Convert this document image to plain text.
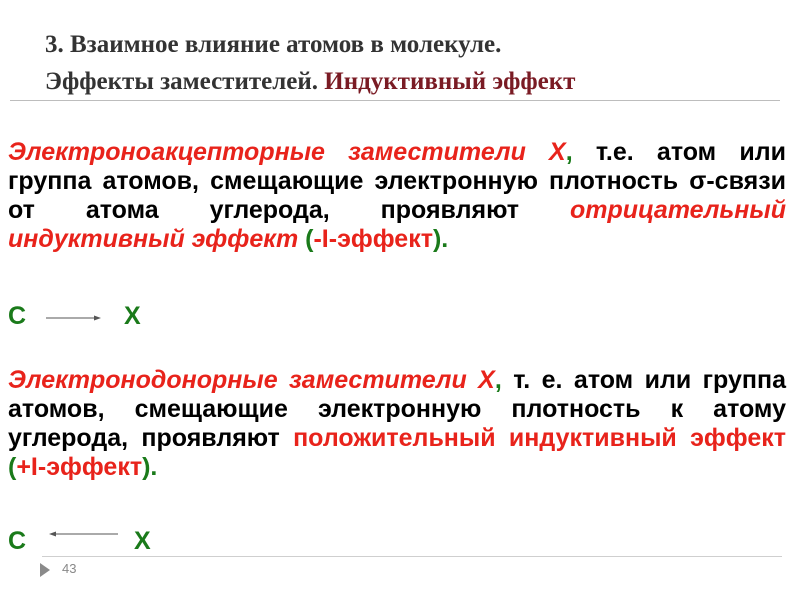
3. Взаимное влияние атомов в молекуле.
Эффекты заместителей. Индуктивный эффект
Электроноакцепторные заместители X, т.е. атом или группа атомов, смещающие электронную плотность σ-связи от атома углерода, проявляют отрицательный индуктивный эффект (-I-эффект).
C	X
Электронодонорные заместители X, т. е. атом или группа атомов, смещающие электронную плотность к атому углерода, проявляют положительный индуктивный эффект (+I-эффект).
C	X
43
